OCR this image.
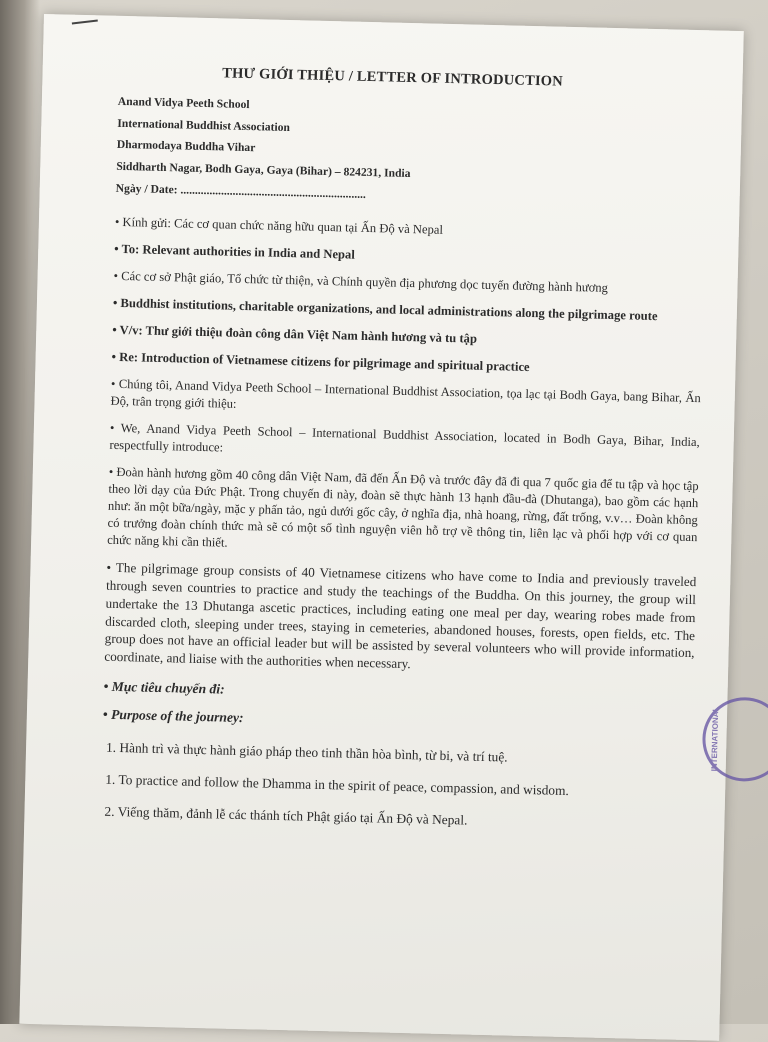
THƯ GIỚI THIỆU / LETTER OF INTRODUCTION
Anand Vidya Peeth School
International Buddhist Association
Dharmodaya Buddha Vihar
Siddharth Nagar, Bodh Gaya, Gaya (Bihar) – 824231, India
Ngày / Date: ................................................................

• Kính gửi: Các cơ quan chức năng hữu quan tại Ấn Độ và Nepal

• To: Relevant authorities in India and Nepal

• Các cơ sở Phật giáo, Tổ chức từ thiện, và Chính quyền địa phương dọc tuyến đường hành hương

• Buddhist institutions, charitable organizations, and local administrations along the pilgrimage route

• V/v: Thư giới thiệu đoàn công dân Việt Nam hành hương và tu tập

• Re: Introduction of Vietnamese citizens for pilgrimage and spiritual practice

• Chúng tôi, Anand Vidya Peeth School – International Buddhist Association, tọa lạc tại Bodh Gaya, bang Bihar, Ấn Độ, trân trọng giới thiệu:

• We, Anand Vidya Peeth School – International Buddhist Association, located in Bodh Gaya, Bihar, India, respectfully introduce:

• Đoàn hành hương gồm 40 công dân Việt Nam, đã đến Ấn Độ và trước đây đã đi qua 7 quốc gia để tu tập và học tập theo lời dạy của Đức Phật. Trong chuyến đi này, đoàn sẽ thực hành 13 hạnh đầu-đà (Dhutanga), bao gồm các hạnh như: ăn một bữa/ngày, mặc y phấn tảo, ngủ dưới gốc cây, ở nghĩa địa, nhà hoang, rừng, đất trống, v.v… Đoàn không có trưởng đoàn chính thức mà sẽ có một số tình nguyện viên hỗ trợ về thông tin, liên lạc và phối hợp với cơ quan chức năng khi cần thiết.

• The pilgrimage group consists of 40 Vietnamese citizens who have come to India and previously traveled through seven countries to practice and study the teachings of the Buddha. On this journey, the group will undertake the 13 Dhutanga ascetic practices, including eating one meal per day, wearing robes made from discarded cloth, sleeping under trees, staying in cemeteries, abandoned houses, forests, open fields, etc. The group does not have an official leader but will be assisted by several volunteers who will provide information, coordinate, and liaise with the authorities when necessary.

• Mục tiêu chuyến đi:

• Purpose of the journey:

1. Hành trì và thực hành giáo pháp theo tinh thần hòa bình, từ bi, và trí tuệ.
1. To practice and follow the Dhamma in the spirit of peace, compassion, and wisdom.
2. Viếng thăm, đảnh lễ các thánh tích Phật giáo tại Ấn Độ và Nepal.
INTERNATIONAL
